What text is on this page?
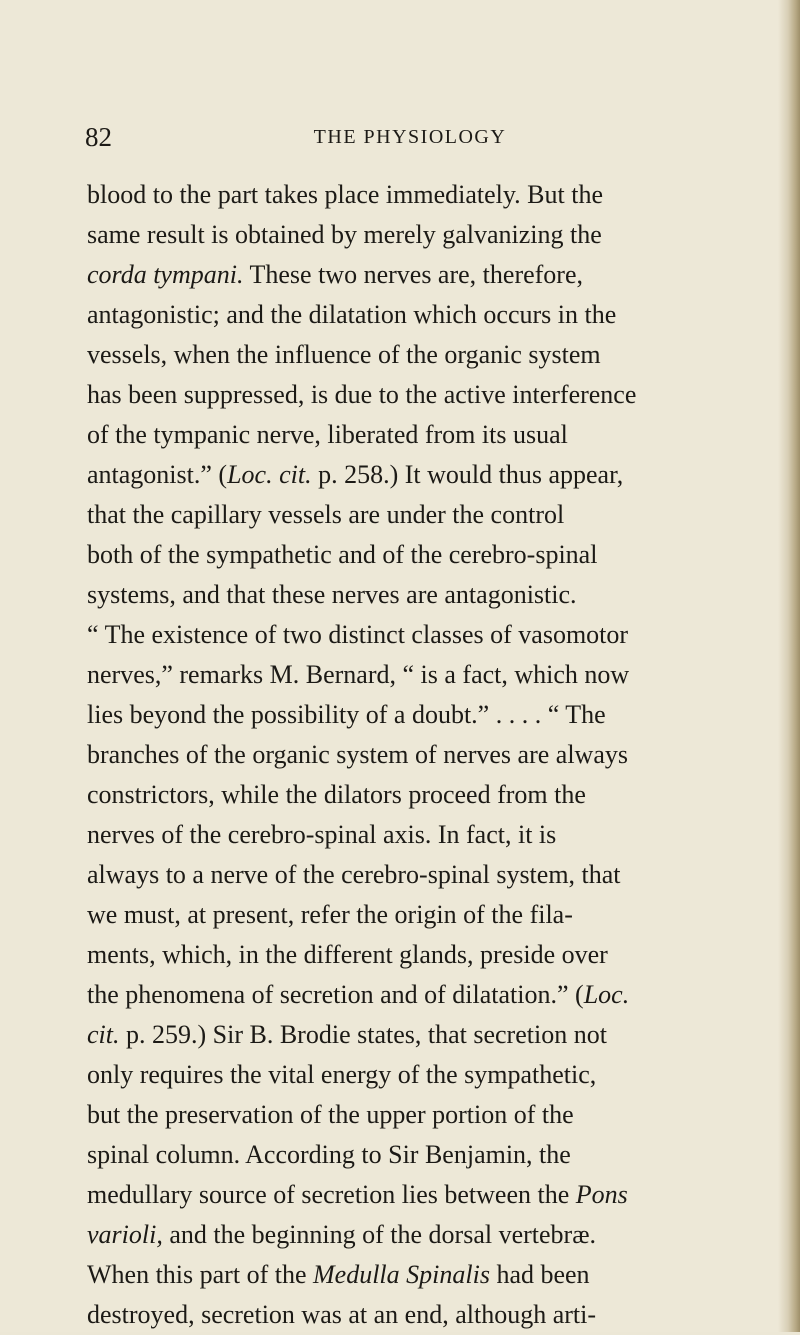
82	THE PHYSIOLOGY
blood to the part takes place immediately. But the
same result is obtained by merely galvanizing the
corda tympani. These two nerves are, therefore,
antagonistic; and the dilatation which occurs in the
vessels, when the influence of the organic system
has been suppressed, is due to the active interference
of the tympanic nerve, liberated from its usual
antagonist.” (Loc. cit. p. 258.) It would thus appear,
that the capillary vessels are under the control
both of the sympathetic and of the cerebro-spinal
systems, and that these nerves are antagonistic.
“ The existence of two distinct classes of vasomotor
nerves,” remarks M. Bernard, “ is a fact, which now
lies beyond the possibility of a doubt.” . . . . “ The
branches of the organic system of nerves are always
constrictors, while the dilators proceed from the
nerves of the cerebro-spinal axis. In fact, it is
always to a nerve of the cerebro-spinal system, that
we must, at present, refer the origin of the fila-
ments, which, in the different glands, preside over
the phenomena of secretion and of dilatation.” (Loc.
cit. p. 259.) Sir B. Brodie states, that secretion not
only requires the vital energy of the sympathetic,
but the preservation of the upper portion of the
spinal column. According to Sir Benjamin, the
medullary source of secretion lies between the Pons
varioli, and the beginning of the dorsal vertebræ.
When this part of the Medulla Spinalis had been
destroyed, secretion was at an end, although arti-
